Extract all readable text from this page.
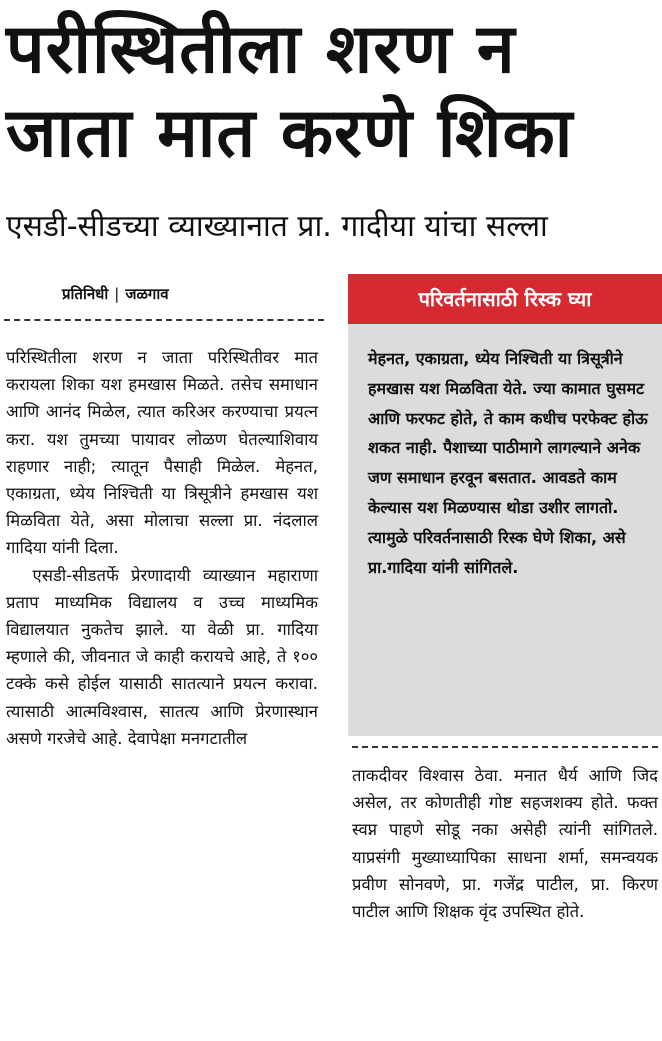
परीस्थितीला शरण न
जाता मात करणे शिका
एसडी-सीडच्या व्याख्यानात प्रा. गादीया यांचा सल्ला
प्रतिनिधी | जळगाव

परिस्थितीला शरण न जाता परिस्थितीवर मात करायला शिका यश हमखास मिळते. तसेच समाधान आणि आनंद मिळेल, त्यात करिअर करण्याचा प्रयत्न करा. यश तुमच्या पायावर लोळण घेतल्याशिवाय राहणार नाही; त्यातून पैसाही मिळेल. मेहनत, एकाग्रता, ध्येय निश्चिती या त्रिसूत्रीने हमखास यश मिळविता येते, असा मोलाचा सल्ला प्रा. नंदलाल गादिया यांनी दिला.

एसडी-सीडतर्फे प्रेरणादायी व्याख्यान महाराणा प्रताप माध्यमिक विद्यालय व उच्च माध्यमिक विद्यालयात नुकतेच झाले. या वेळी प्रा. गादिया म्हणाले की, जीवनात जे काही करायचे आहे, ते १०० टक्के कसे होईल यासाठी सातत्याने प्रयत्न करावा. त्यासाठी आत्मविश्वास, सातत्य आणि प्रेरणास्थान असणे गरजेचे आहे. देवापेक्षा मनगटातील

परिवर्तनासाठी रिस्क घ्या
मेहनत, एकाग्रता, ध्येय निश्चिती या त्रिसूत्रीने हमखास यश मिळविता येते. ज्या कामात घुसमट आणि फरफट होते, ते काम कधीच परफेक्ट होऊ शकत नाही. पैशाच्या पाठीमागे लागल्याने अनेक जण समाधान हरवून बसतात. आवडते काम केल्यास यश मिळण्यास थोडा उशीर लागतो. त्यामुळे परिवर्तनासाठी रिस्क घेणे शिका, असे प्रा.गादिया यांनी सांगितले.

ताकदीवर विश्वास ठेवा. मनात धैर्य आणि जिद असेल, तर कोणतीही गोष्ट सहजशक्य होते. फक्त स्वप्न पाहणे सोडू नका असेही त्यांनी सांगितले. याप्रसंगी मुख्याध्यापिका साधना शर्मा, समन्वयक प्रवीण सोनवणे, प्रा. गजेंद्र पाटील, प्रा. किरण पाटील आणि शिक्षक वृंद उपस्थित होते.
